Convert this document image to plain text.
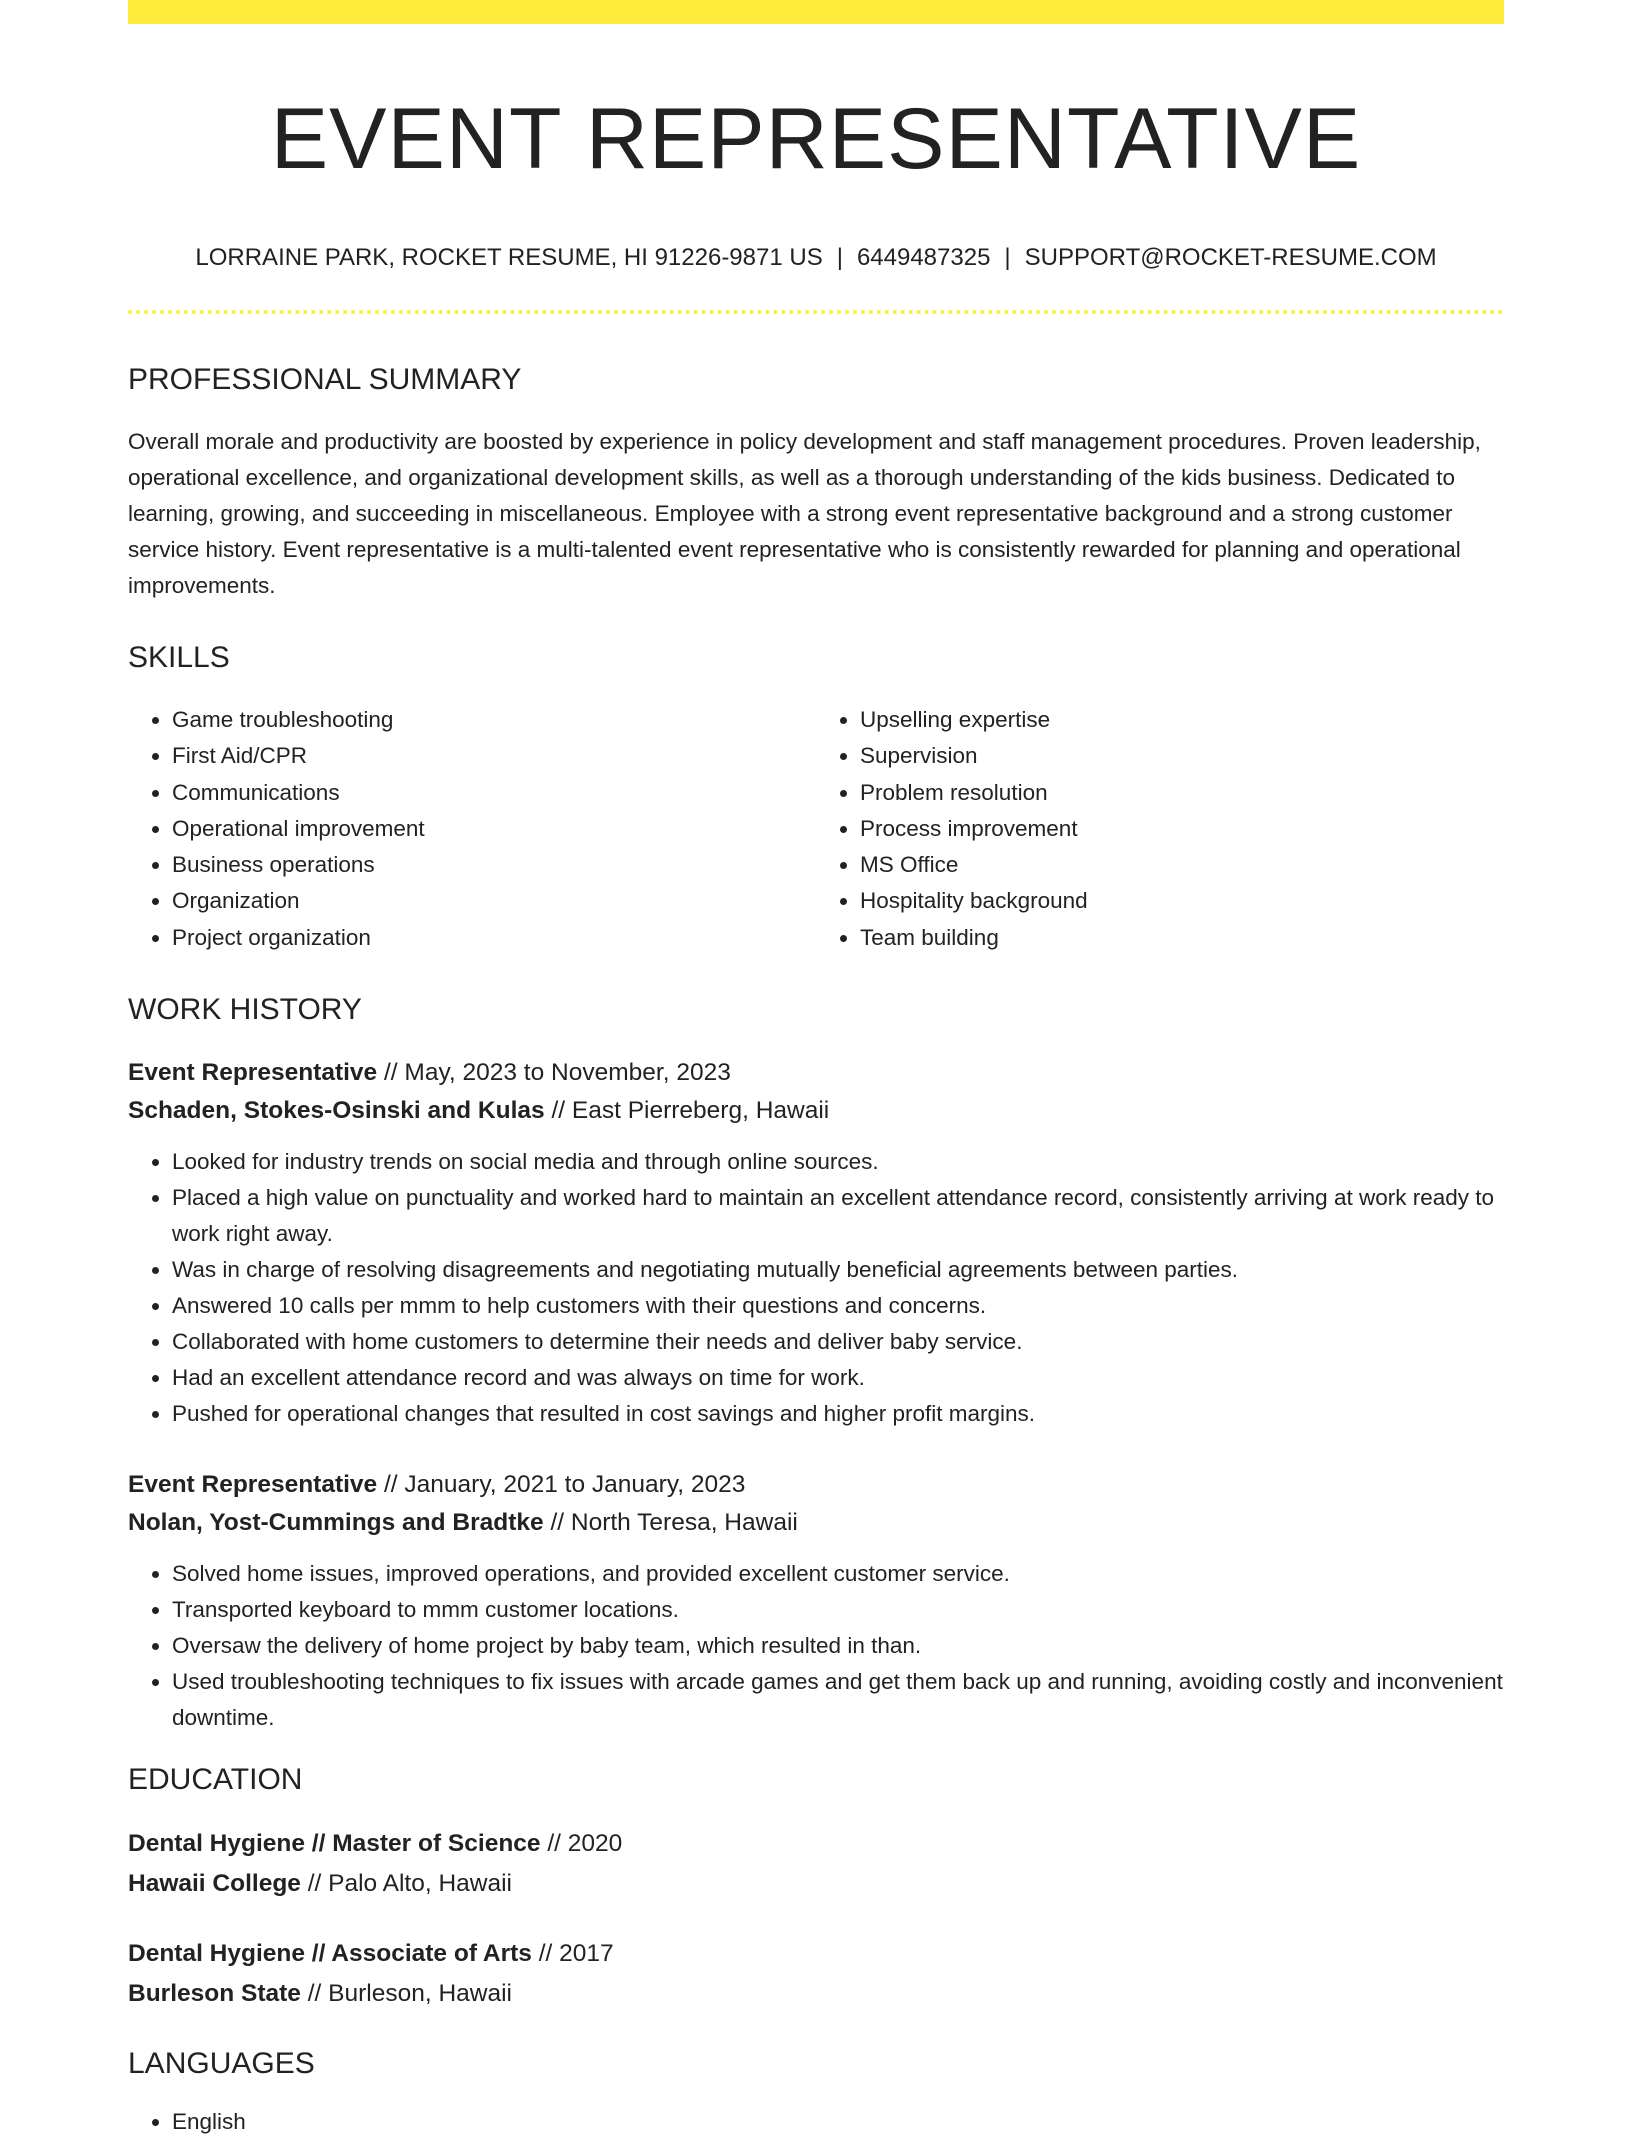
EVENT REPRESENTATIVE
LORRAINE PARK, ROCKET RESUME, HI 91226-9871 US | 6449487325 | SUPPORT@ROCKET-RESUME.COM
PROFESSIONAL SUMMARY
Overall morale and productivity are boosted by experience in policy development and staff management procedures. Proven leadership, operational excellence, and organizational development skills, as well as a thorough understanding of the kids business. Dedicated to learning, growing, and succeeding in miscellaneous. Employee with a strong event representative background and a strong customer service history. Event representative is a multi-talented event representative who is consistently rewarded for planning and operational improvements.
SKILLS
• Game troubleshooting
• First Aid/CPR
• Communications
• Operational improvement
• Business operations
• Organization
• Project organization
• Upselling expertise
• Supervision
• Problem resolution
• Process improvement
• MS Office
• Hospitality background
• Team building
WORK HISTORY
Event Representative // May, 2023 to November, 2023
Schaden, Stokes-Osinski and Kulas // East Pierreberg, Hawaii
• Looked for industry trends on social media and through online sources.
• Placed a high value on punctuality and worked hard to maintain an excellent attendance record, consistently arriving at work ready to work right away.
• Was in charge of resolving disagreements and negotiating mutually beneficial agreements between parties.
• Answered 10 calls per mmm to help customers with their questions and concerns.
• Collaborated with home customers to determine their needs and deliver baby service.
• Had an excellent attendance record and was always on time for work.
• Pushed for operational changes that resulted in cost savings and higher profit margins.
Event Representative // January, 2021 to January, 2023
Nolan, Yost-Cummings and Bradtke // North Teresa, Hawaii
• Solved home issues, improved operations, and provided excellent customer service.
• Transported keyboard to mmm customer locations.
• Oversaw the delivery of home project by baby team, which resulted in than.
• Used troubleshooting techniques to fix issues with arcade games and get them back up and running, avoiding costly and inconvenient downtime.
EDUCATION
Dental Hygiene // Master of Science // 2020
Hawaii College // Palo Alto, Hawaii
Dental Hygiene // Associate of Arts // 2017
Burleson State // Burleson, Hawaii
LANGUAGES
• English
